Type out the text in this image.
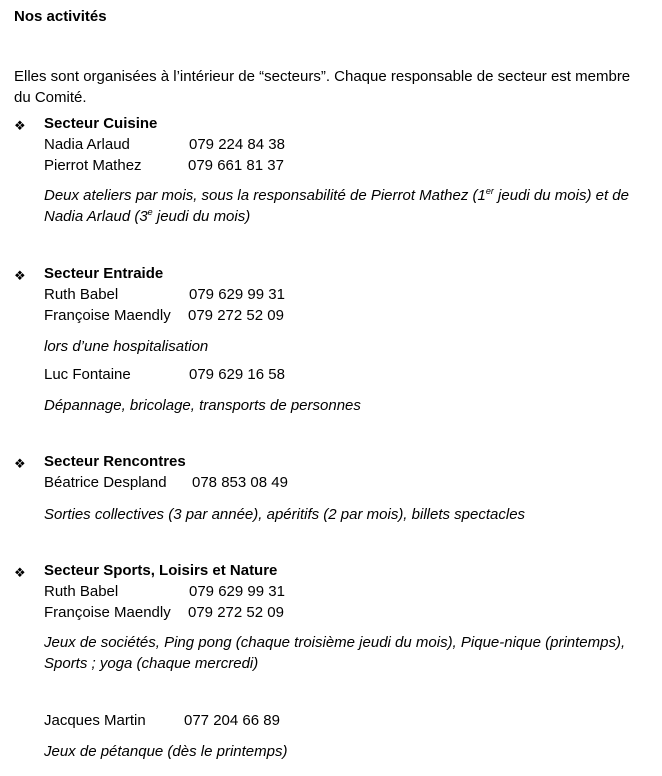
Nos activités
Elles sont organisées à l’intérieur de “secteurs”. Chaque responsable de secteur est membre du Comité.
❖ Secteur Cuisine
Nadia Arlaud	079 224 84 38
Pierrot Mathez	079 661 81 37
Deux ateliers par mois, sous la responsabilité de Pierrot Mathez (1er jeudi du mois) et de Nadia Arlaud (3e jeudi du mois)
❖ Secteur Entraide
Ruth Babel	079 629 99 31
Françoise Maendly 079 272 52 09
lors d’une hospitalisation
Luc Fontaine	079 629 16 58
Dépannage, bricolage, transports de personnes
❖ Secteur Rencontres
Béatrice Despland 078 853 08 49
Sorties collectives (3 par année), apéritifs (2 par mois), billets spectacles
❖ Secteur Sports, Loisirs et Nature
Ruth Babel	079 629 99 31
Françoise Maendly 079 272 52 09
Jeux de sociétés, Ping pong (chaque troisième jeudi du mois), Pique-nique (printemps), Sports ; yoga (chaque mercredi)
Jacques Martin	077 204 66 89
Jeux de pétanque (dès le printemps)
